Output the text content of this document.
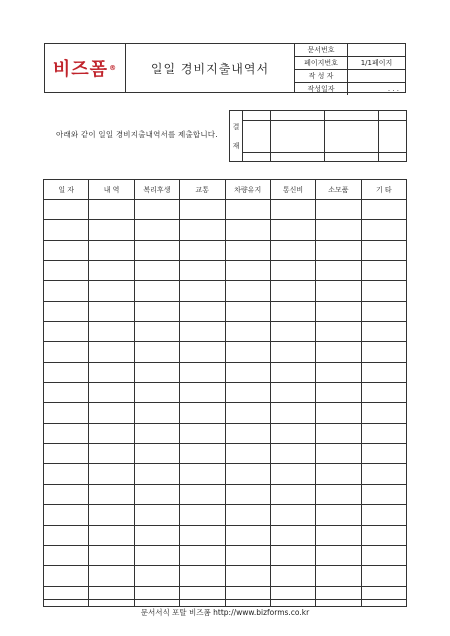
비즈폼 ®	일일 경비지출내역서
문서번호	
페이지번호	1/1페이지
작 성 자	
작성일자	. . .
아래와 같이 일일 경비지출내역서를 제출합니다.
결
재

일 자	내 역	복리후생	교통	차량유지	통신비	소모품	기 타

문서서식 포탈 비즈폼 http://www.bizforms.co.kr
